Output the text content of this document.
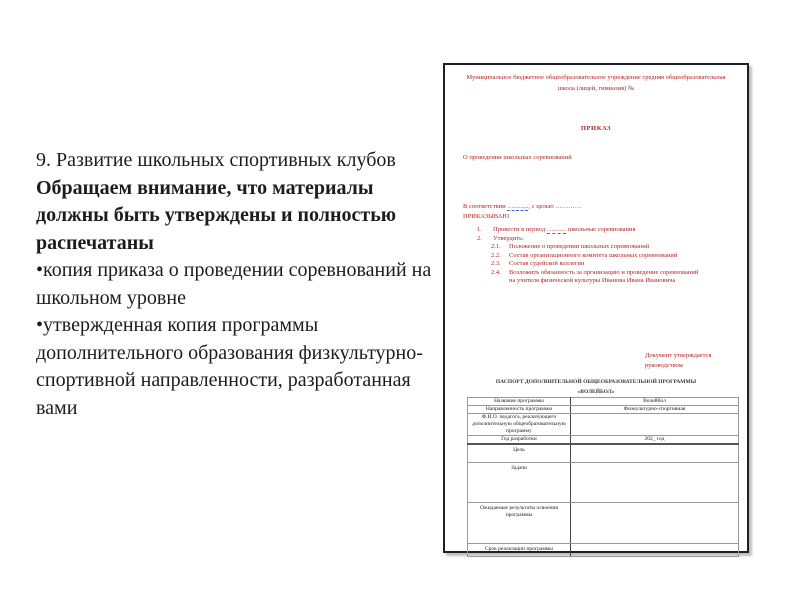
9. Развитие школьных спортивных клубов
Обращаем внимание, что материалы должны быть утверждены и полностью распечатаны
•копия приказа о проведении соревнований на школьном уровне
•утвержденная копия программы дополнительного образования физкультурно-спортивной направленности, разработанная вами
Муниципальное бюджетное общеобразовательное учреждение средняя общеобразовательная школа (лицей, гимназия) №
ПРИКАЗ
О проведении школьных соревнований
В соответствии …........., с целью …………
ПРИКАЗЫВАЮ
1.	Провести в период …........ школьные соревнования
2.	Утвердить:
2.1.	Положение о проведении школьных соревнований
2.2.	Состав организационного комитета школьных соревнований
2.3.	Состав судейской коллегии
2.4.	Возложить обязанность за организацию и проведение соревнований на учителя физической культуры Иванова Ивана Ивановича
Документ утверждается руководством
ПАСПОРТ ДОПОЛНИТЕЛЬНОЙ ОБЩЕОБРАЗОВАТЕЛЬНОЙ ПРОГРАММЫ
«ВОЛЕЙБОЛ»
Название программы	Волейбол
Направленность программы	Физкультурно-спортивная
Ф.И.О. педагога, реализующего дополнительную общеобразовательную программу	
Год разработки	202_ год
Цель	
Задачи	
Ожидаемые результаты освоения программы	
Срок реализации программы	
